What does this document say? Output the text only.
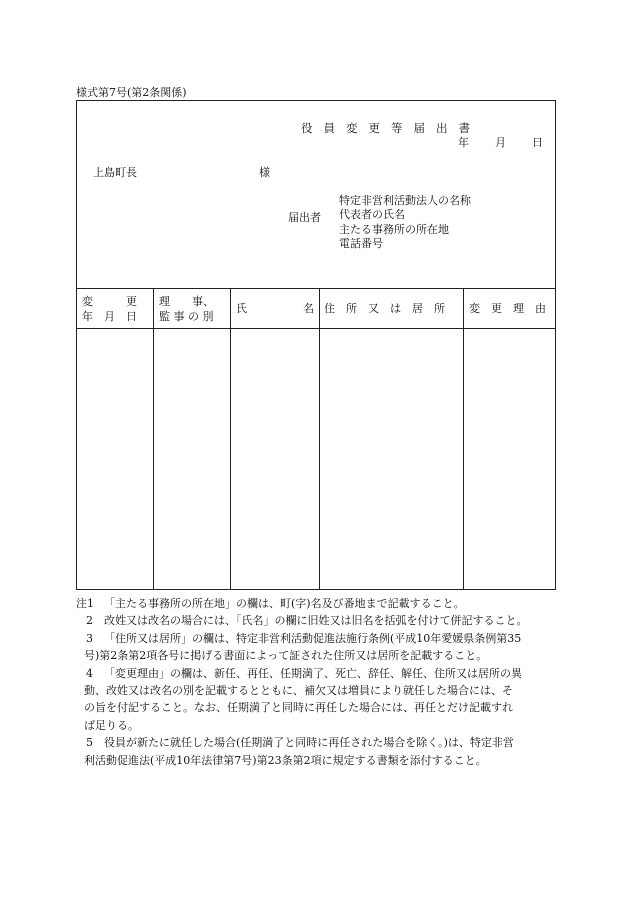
様式第7号(第2条関係)
役員変更等届出書
年 月 日
上島町長	様
届出者
特定非営利活動法人の名称
代表者の氏名
主たる事務所の所在地
電話番号
変　　　更
年　月　日
理　　事、
監 事 の 別
氏	名 住　所　又　は　居　所 変　更　理　由
注1 「主たる事務所の所在地」の欄は、町(字)名及び番地まで記載すること。
2 改姓又は改名の場合には、「氏名」の欄に旧姓又は旧名を括弧を付けて併記すること。
3 「住所又は居所」の欄は、特定非営利活動促進法施行条例(平成10年愛媛県条例第35
号)第2条第2項各号に掲げる書面によって証された住所又は居所を記載すること。
4 「変更理由」の欄は、新任、再任、任期満了、死亡、辞任、解任、住所又は居所の異
動、改姓又は改名の別を記載するとともに、補欠又は増員により就任した場合には、そ
の旨を付記すること。なお、任期満了と同時に再任した場合には、再任とだけ記載すれ
ば足りる。
5 役員が新たに就任した場合(任期満了と同時に再任された場合を除く。)は、特定非営
利活動促進法(平成10年法律第7号)第23条第2項に規定する書類を添付すること。
